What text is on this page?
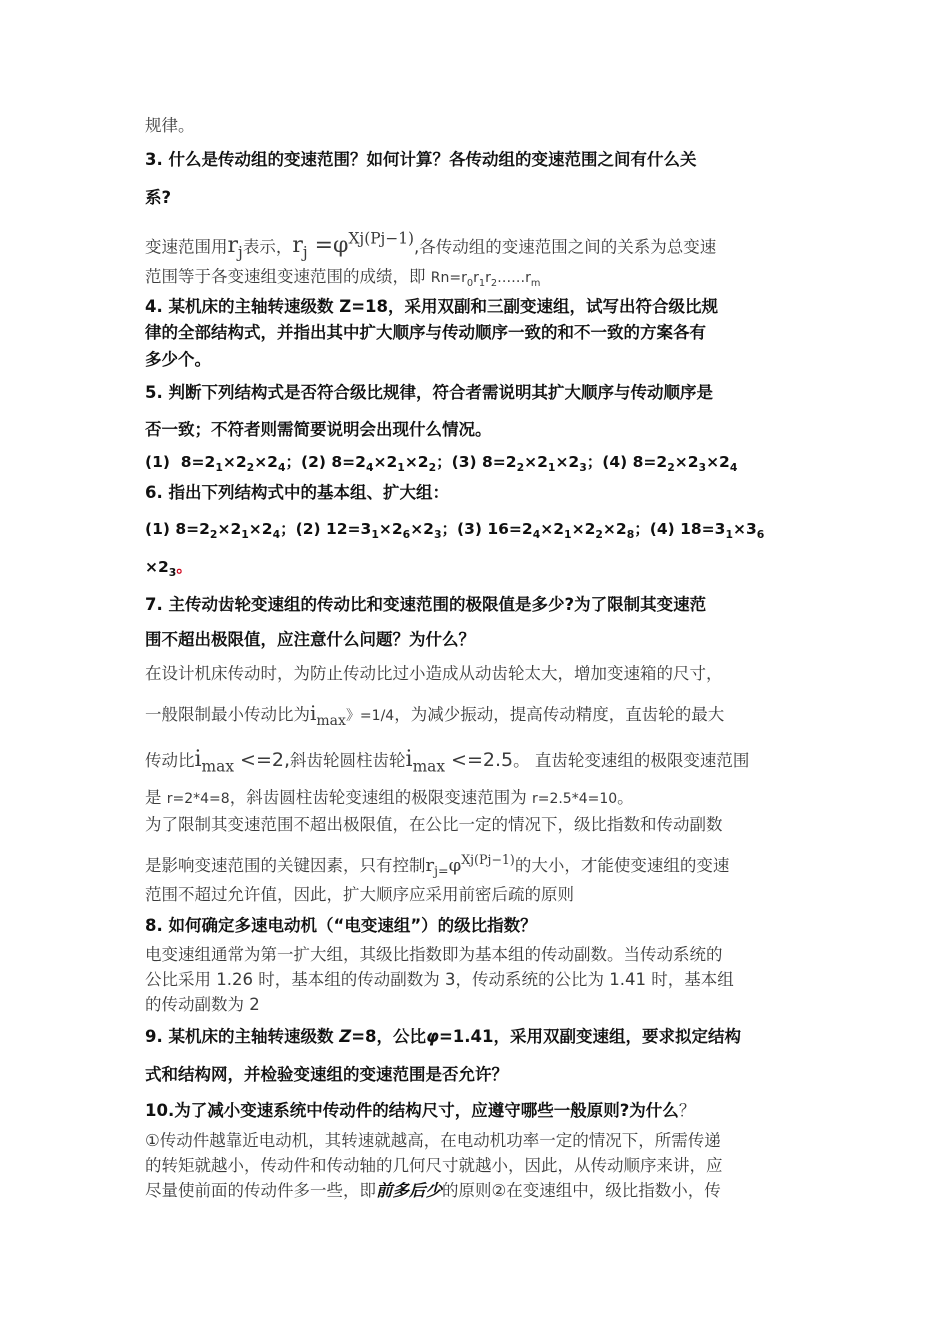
规律。
3. 什么是传动组的变速范围？如何计算？各传动组的变速范围之间有什么关
系?
变速范围用$r_j$表示，$r_j =\varphi^{Xj(Pj-1)}$,各传动组的变速范围之间的关系为总变速
范围等于各变速组变速范围的成绩，即 $Rn=r_0r_1r_2\dots\dots r_m$
4. 某机床的主轴转速级数 Z=18，采用双副和三副变速组，试写出符合级比规
律的全部结构式，并指出其中扩大顺序与传动顺序一致的和不一致的方案各有
多少个。
5. 判断下列结构式是否符合级比规律，符合者需说明其扩大顺序与传动顺序是
否一致；不符者则需简要说明会出现什么情况。
(1)  $8=2_1\times 2_2\times 2_4$；(2) $8=2_4\times 2_1\times 2_2$；(3) $8=2_2\times 2_1\times 2_3$；(4) $8=2_2\times 2_3\times 2_4$
6. 指出下列结构式中的基本组、扩大组：
(1) $8=2_2\times 2_1\times 2_4$；(2) $12=3_1\times 2_6\times 2_3$；(3) $16=2_4\times 2_1\times 2_2\times 2_8$；(4) $18=3_1\times 3_6$
$\times 2_3$。
7. 主传动齿轮变速组的传动比和变速范围的极限值是多少?为了限制其变速范
围不超出极限值，应注意什么问题？为什么？
在设计机床传动时，为防止传动比过小造成从动齿轮太大，增加变速箱的尺寸，
一般限制最小传动比为$i_{max}$》=1/4，为减少振动，提高传动精度，直齿轮的最大
传动比$i_{max} <=2$,斜齿轮圆柱齿轮$i_{max} <=2.5$。 直齿轮变速组的极限变速范围
是 r=2*4=8，斜齿圆柱齿轮变速组的极限变速范围为 r=2.5*4=10。
为了限制其变速范围不超出极限值，在公比一定的情况下，级比指数和传动副数
是影响变速范围的关键因素，只有控制$r_{j=}\varphi^{Xj(Pj-1)}$的大小，才能使变速组的变速
范围不超过允许值，因此，扩大顺序应采用前密后疏的原则
8. 如何确定多速电动机（“电变速组”）的级比指数？
电变速组通常为第一扩大组，其级比指数即为基本组的传动副数。当传动系统的
公比采用 1.26 时，基本组的传动副数为 3，传动系统的公比为 1.41 时，基本组
的传动副数为 2
9. 某机床的主轴转速级数 Z=8，公比φ=1.41，采用双副变速组，要求拟定结构
式和结构网，并检验变速组的变速范围是否允许？
10.为了减小变速系统中传动件的结构尺寸，应遵守哪些一般原则?为什么？
①传动件越靠近电动机，其转速就越高，在电动机功率一定的情况下，所需传递
的转矩就越小，传动件和传动轴的几何尺寸就越小，因此，从传动顺序来讲，应
尽量使前面的传动件多一些，即前多后少的原则②在变速组中，级比指数小，传
